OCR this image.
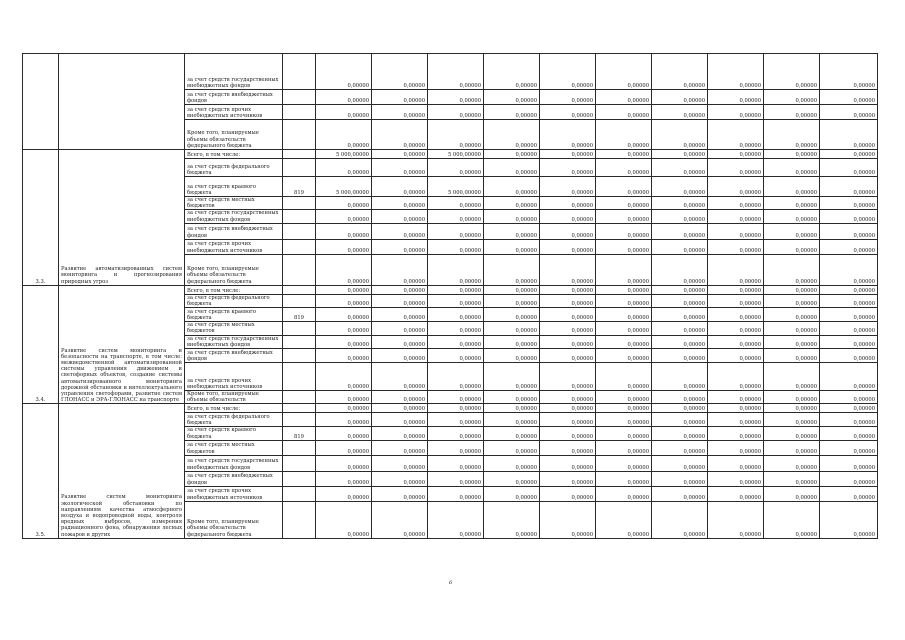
		за счет средств государственных внебюджетных фондов		0,00000	0,00000	0,00000	0,00000	0,00000	0,00000	0,00000	0,00000	0,00000	0,00000
		за счет средств внебюджетных фондов		0,00000	0,00000	0,00000	0,00000	0,00000	0,00000	0,00000	0,00000	0,00000	0,00000
		за счет средств прочих внебюджетных источников		0,00000	0,00000	0,00000	0,00000	0,00000	0,00000	0,00000	0,00000	0,00000	0,00000
		Кроме того, планируемые объемы обязательств федерального бюджета		0,00000	0,00000	0,00000	0,00000	0,00000	0,00000	0,00000	0,00000	0,00000	0,00000
3.3.	Развитие автоматизированных систем мониторинга и прогнозирования природных угроз	Всего, в том числе:		5 000,00000	0,00000	5 000,00000	0,00000	0,00000	0,00000	0,00000	0,00000	0,00000	0,00000
		за счет средств федерального бюджета		0,00000	0,00000	0,00000	0,00000	0,00000	0,00000	0,00000	0,00000	0,00000	0,00000
		за счет средств краевого бюджета	819	5 000,00000	0,00000	5 000,00000	0,00000	0,00000	0,00000	0,00000	0,00000	0,00000	0,00000
		за счет средств местных бюджетов		0,00000	0,00000	0,00000	0,00000	0,00000	0,00000	0,00000	0,00000	0,00000	0,00000
		за счет средств государственных внебюджетных фондов		0,00000	0,00000	0,00000	0,00000	0,00000	0,00000	0,00000	0,00000	0,00000	0,00000
		за счет средств внебюджетных фондов		0,00000	0,00000	0,00000	0,00000	0,00000	0,00000	0,00000	0,00000	0,00000	0,00000
		за счет средств прочих внебюджетных источников		0,00000	0,00000	0,00000	0,00000	0,00000	0,00000	0,00000	0,00000	0,00000	0,00000
		Кроме того, планируемые объемы обязательств федерального бюджета		0,00000	0,00000	0,00000	0,00000	0,00000	0,00000	0,00000	0,00000	0,00000	0,00000
3.4.	Развитие систем мониторинга и безопасности на транспорте, в том числе: межведомственной автоматизированной системы управления движением и светофорных объектов, создание системы автоматизированного мониторинга дорожной обстановки и интеллектуального управления светофорами, развитие систем ГЛОНАСС и ЭРА-ГЛОНАСС на транспорте	Всего, в том числе:		0,00000	0,00000	0,00000	0,00000	0,00000	0,00000	0,00000	0,00000	0,00000	0,00000
		за счет средств федерального бюджета		0,00000	0,00000	0,00000	0,00000	0,00000	0,00000	0,00000	0,00000	0,00000	0,00000
		за счет средств краевого бюджета	819	0,00000	0,00000	0,00000	0,00000	0,00000	0,00000	0,00000	0,00000	0,00000	0,00000
		за счет средств местных бюджетов		0,00000	0,00000	0,00000	0,00000	0,00000	0,00000	0,00000	0,00000	0,00000	0,00000
		за счет средств государственных внебюджетных фондов		0,00000	0,00000	0,00000	0,00000	0,00000	0,00000	0,00000	0,00000	0,00000	0,00000
		за счет средств внебюджетных фондов		0,00000	0,00000	0,00000	0,00000	0,00000	0,00000	0,00000	0,00000	0,00000	0,00000
		за счет средств прочих внебюджетных источников		0,00000	0,00000	0,00000	0,00000	0,00000	0,00000	0,00000	0,00000	0,00000	0,00000
		Кроме того, планируемые объемы обязательств		0,00000	0,00000	0,00000	0,00000	0,00000	0,00000	0,00000	0,00000	0,00000	0,00000
3.5.	Развитие систем мониторинга экологической обстановки по направлениям качества атмосферного воздуха и водопроводной воды, контроля вредных выбросов, измерения радиационного фона, обнаружения лесных пожаров и других	Всего, в том числе:		0,00000	0,00000	0,00000	0,00000	0,00000	0,00000	0,00000	0,00000	0,00000	0,00000
		за счет средств федерального бюджета		0,00000	0,00000	0,00000	0,00000	0,00000	0,00000	0,00000	0,00000	0,00000	0,00000
		за счет средств краевого бюджета	819	0,00000	0,00000	0,00000	0,00000	0,00000	0,00000	0,00000	0,00000	0,00000	0,00000
		за счет средств местных бюджетов		0,00000	0,00000	0,00000	0,00000	0,00000	0,00000	0,00000	0,00000	0,00000	0,00000
		за счет средств государственных внебюджетных фондов		0,00000	0,00000	0,00000	0,00000	0,00000	0,00000	0,00000	0,00000	0,00000	0,00000
		за счет средств внебюджетных фондов		0,00000	0,00000	0,00000	0,00000	0,00000	0,00000	0,00000	0,00000	0,00000	0,00000
		за счет средств прочих внебюджетных источников		0,00000	0,00000	0,00000	0,00000	0,00000	0,00000	0,00000	0,00000	0,00000	0,00000
		Кроме того, планируемые объемы обязательств федерального бюджета		0,00000	0,00000	0,00000	0,00000	0,00000	0,00000	0,00000	0,00000	0,00000	0,00000
6
